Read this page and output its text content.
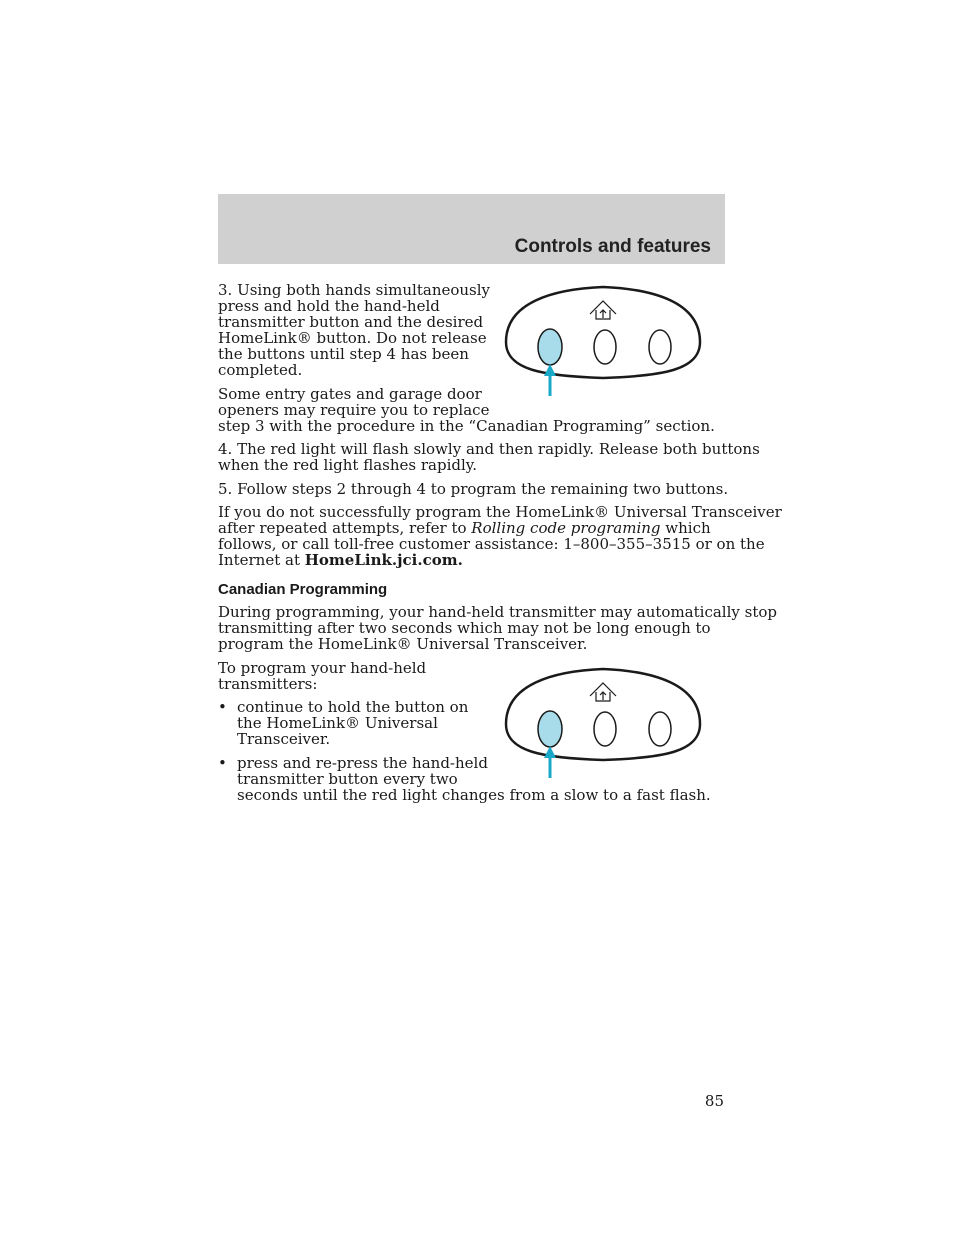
Controls and features

3. Using both hands simultaneously

press and hold the hand-held

transmitter button and the desired

HomeLink® button. Do not release

the buttons until step 4 has been

completed.

Some entry gates and garage door

openers may require you to replace

step 3 with the procedure in the “Canadian Programing” section.

4. The red light will flash slowly and then rapidly. Release both buttons

when the red light flashes rapidly.

5. Follow steps 2 through 4 to program the remaining two buttons.

If you do not successfully program the HomeLink® Universal Transceiver

after repeated attempts, refer to Rolling code programing which

follows, or call toll-free customer assistance: 1–800–355–3515 or on the

Internet at HomeLink.jci.com.

Canadian Programming

During programming, your hand-held transmitter may automatically stop

transmitting after two seconds which may not be long enough to

program the HomeLink® Universal Transceiver.

To program your hand-held

transmitters:

• continue to hold the button on

the HomeLink® Universal

Transceiver.

• press and re-press the hand-held

transmitter button every two

seconds until the red light changes from a slow to a fast flash.

85
